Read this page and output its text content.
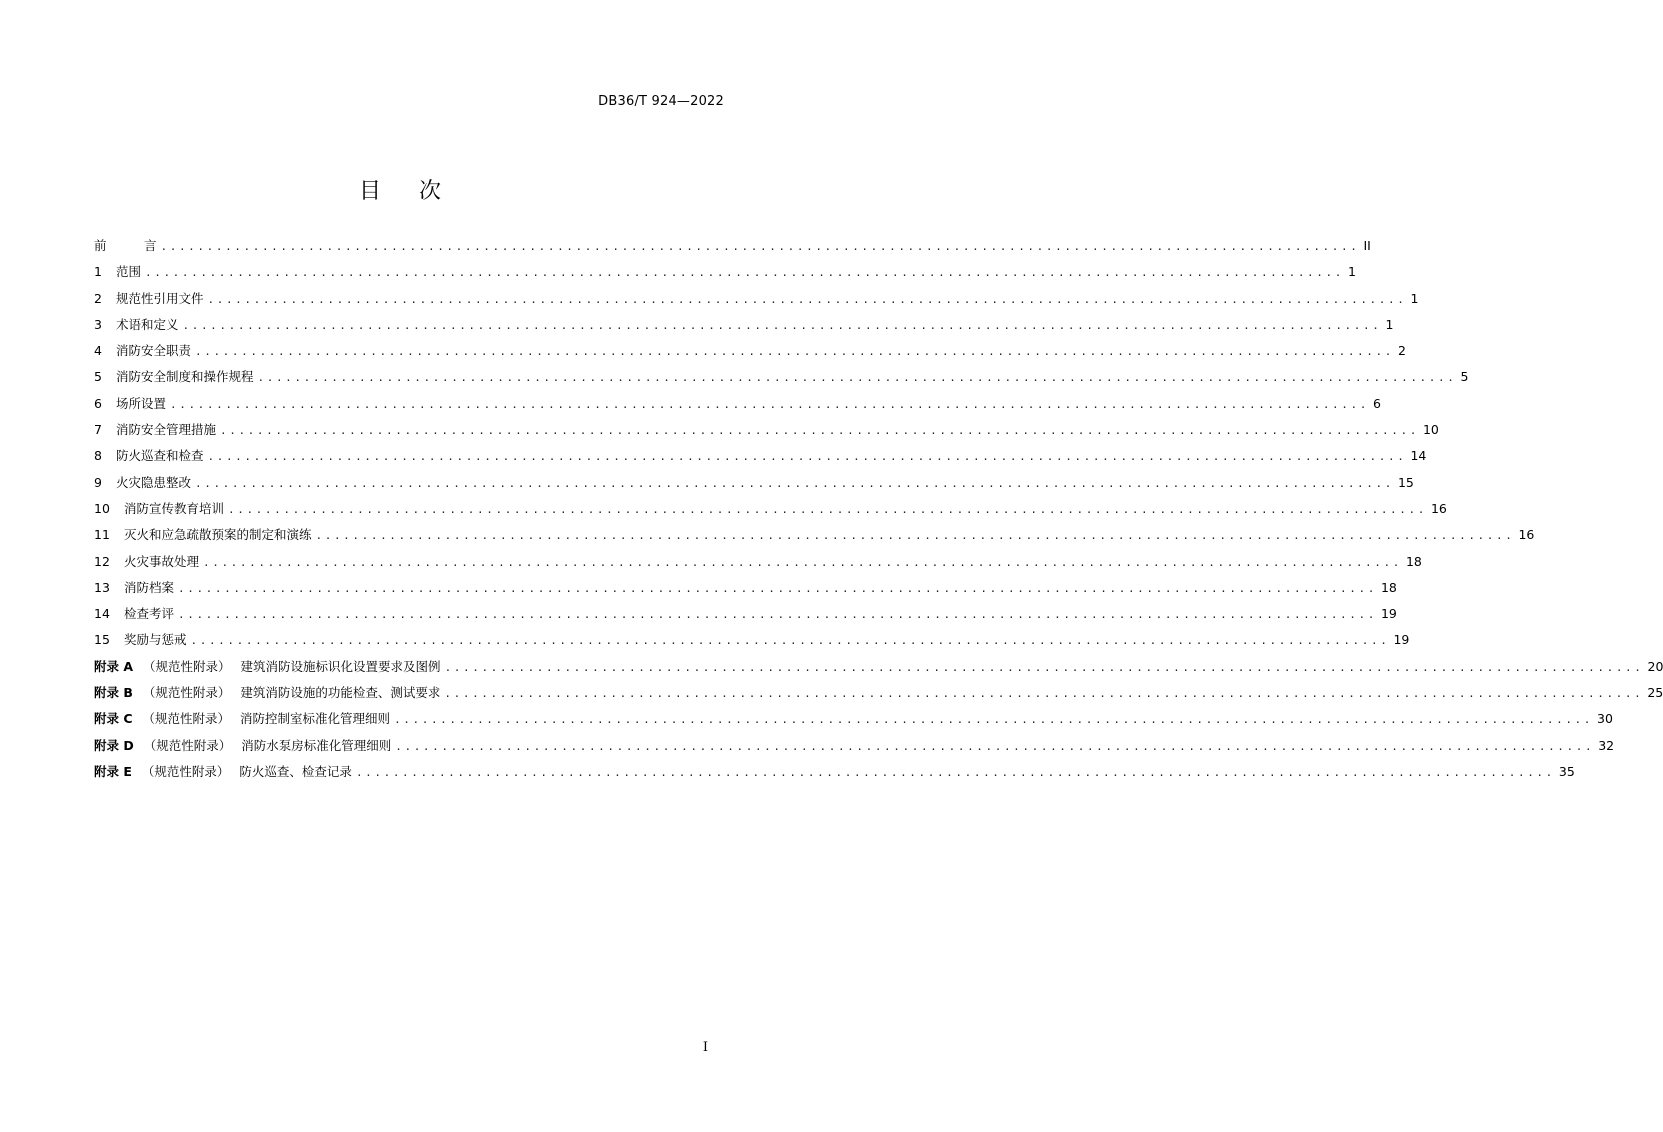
DB36/T 924—2022
目 次
前	言 .................................................................................................................................. II
1	范围 .................................................................................................................................. 1
2	规范性引用文件 .................................................................................................................................. 1
3	术语和定义 .................................................................................................................................. 1
4	消防安全职责 .................................................................................................................................. 2
5	消防安全制度和操作规程 .................................................................................................................................. 5
6	场所设置 .................................................................................................................................. 6
7	消防安全管理措施 .................................................................................................................................. 10
8	防火巡查和检查 .................................................................................................................................. 14
9	火灾隐患整改 .................................................................................................................................. 15
10	消防宣传教育培训 .................................................................................................................................. 16
11	灭火和应急疏散预案的制定和演练 .................................................................................................................................. 16
12	火灾事故处理 .................................................................................................................................. 18
13	消防档案 .................................................................................................................................. 18
14	检查考评 .................................................................................................................................. 19
15	奖励与惩戒 .................................................................................................................................. 19
附录 A （规范性附录） 建筑消防设施标识化设置要求及图例 .................................................................................................................................. 20
附录 B （规范性附录） 建筑消防设施的功能检查、测试要求 .................................................................................................................................. 25
附录 C （规范性附录） 消防控制室标准化管理细则 .................................................................................................................................. 30
附录 D （规范性附录） 消防水泵房标准化管理细则 .................................................................................................................................. 32
附录 E （规范性附录） 防火巡查、检查记录 .................................................................................................................................. 35
I
